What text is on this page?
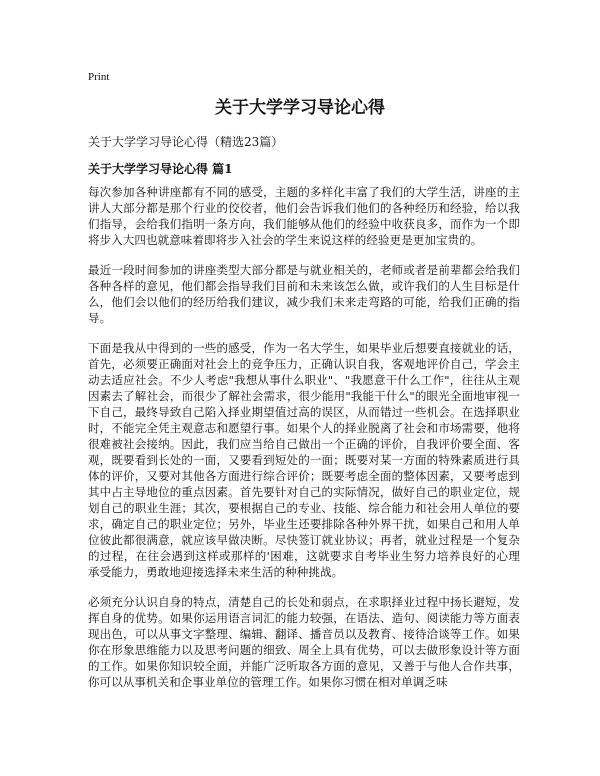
Print
关于大学学习导论心得
关于大学学习导论心得（精选23篇）
关于大学学习导论心得 篇1

每次参加各种讲座都有不同的感受，主题的多样化丰富了我们的大学生活，讲座的主讲人大部分都是那个行业的佼佼者，他们会告诉我们他们的各种经历和经验，给以我们指导，会给我们指明一条方向，我们能够从他们的经验中收获良多，而作为一个即将步入大四也就意味着即将步入社会的学生来说这样的经验更是更加宝贵的。

最近一段时间参加的讲座类型大部分都是与就业相关的，老师或者是前辈都会给我们各种各样的意见，他们都会指导我们目前和未来该怎么做，或许我们的人生目标是什么，他们会以他们的经历给我们建议，减少我们未来走弯路的可能，给我们正确的指导。

下面是我从中得到的一些的感受，作为一名大学生，如果毕业后想要直接就业的话，首先，必须要正确面对社会上的竞争压力，正确认识自我，客观地评价自己，学会主动去适应社会。不少人考虑"我想从事什么职业"、"我愿意干什么工作"，往往从主观因素去了解社会，而很少了解社会需求，很少能用"我能干什么"的眼光全面地审视一下自己，最终导致自己陷入择业期望值过高的误区，从而错过一些机会。在选择职业时，不能完全凭主观意志和愿望行事。如果个人的择业脱离了社会和市场需要，他将很难被社会接纳。因此，我们应当给自己做出一个正确的评价，自我评价要全面、客观，既要看到长处的一面，又要看到短处的一面；既要对某一方面的特殊素质进行具体的评价，又要对其他各方面进行综合评价；既要考虑全面的整体因素，又要考虑到其中占主导地位的重点因素。首先要针对自己的实际情况，做好自己的职业定位，规划自己的职业生涯；其次，要根据自己的专业、技能、综合能力和社会用人单位的要求，确定自己的职业定位；另外，毕业生还要排除各种外界干扰，如果自己和用人单位彼此都很满意，就应该早做决断。尽快签订就业协议；再者，就业过程是一个复杂的过程，在往会遇到这样或那样的'困难，这就要求自考毕业生努力培养良好的心理承受能力，勇敢地迎接选择未来生活的种种挑战。

必须充分认识自身的特点，清楚自己的长处和弱点，在求职择业过程中扬长避短，发挥自身的优势。如果你运用语言词汇的能力较强，在语法、造句、阅读能力等方面表现出色，可以从事文字整理、编辑、翻译、播音员以及教育、接待洽谈等工作。如果你在形象思维能力以及思考问题的细致、周全上具有优势，可以去做形象设计等方面的工作。如果你知识较全面，并能广泛听取各方面的意见，又善于与他人合作共事，你可以从事机关和企事业单位的管理工作。如果你习惯在相对单调乏味
